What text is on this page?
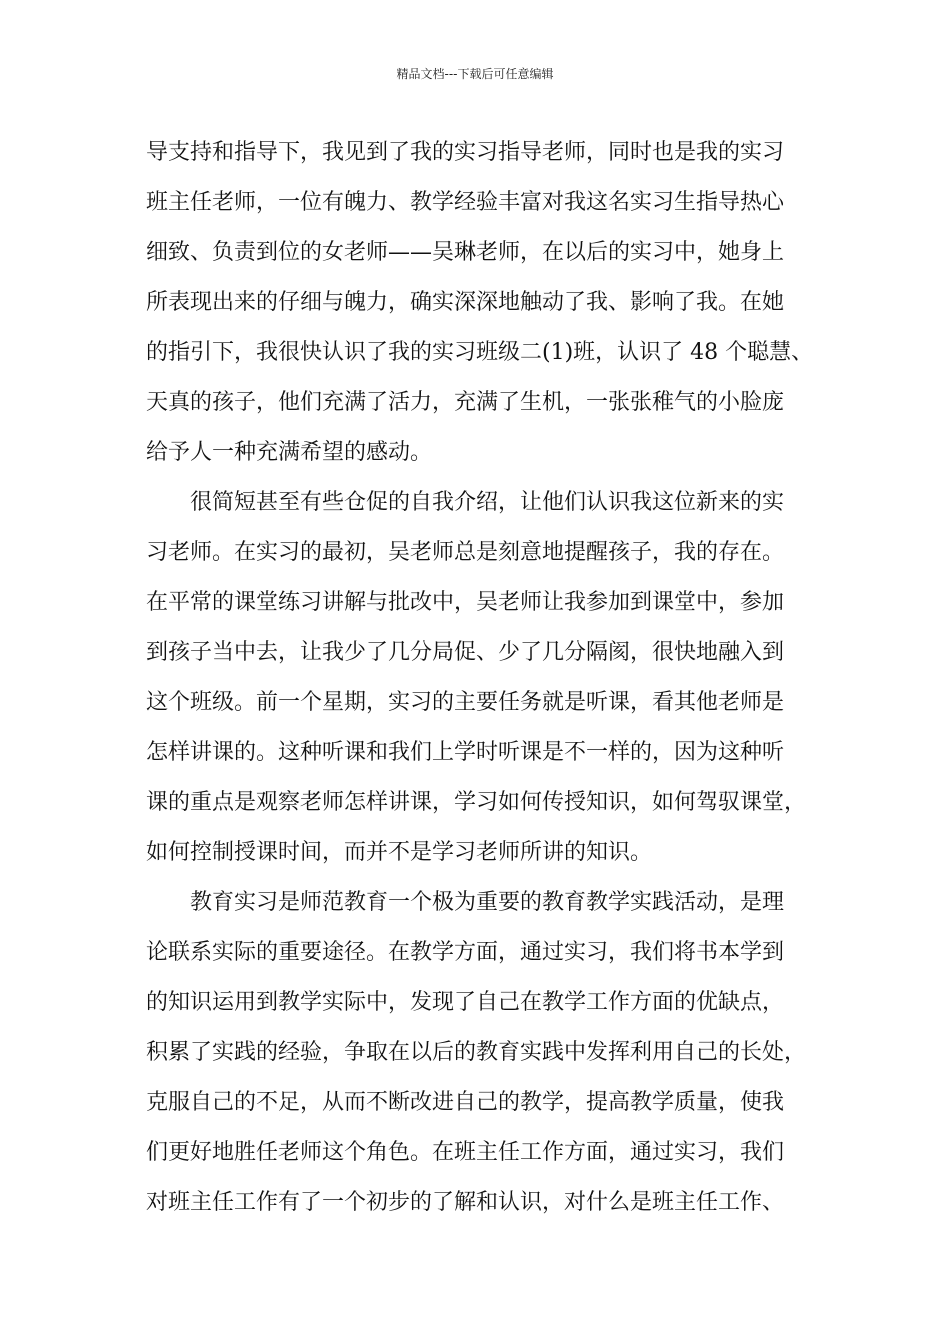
精品文档---下载后可任意编辑
导支持和指导下，我见到了我的实习指导老师，同时也是我的实习
班主任老师，一位有魄力、教学经验丰富对我这名实习生指导热心
细致、负责到位的女老师——吴琳老师，在以后的实习中，她身上
所表现出来的仔细与魄力，确实深深地触动了我、影响了我。在她
的指引下，我很快认识了我的实习班级二(1)班，认识了 48 个聪慧、
天真的孩子，他们充满了活力，充满了生机，一张张稚气的小脸庞
给予人一种充满希望的感动。
　　很简短甚至有些仓促的自我介绍，让他们认识我这位新来的实
习老师。在实习的最初，吴老师总是刻意地提醒孩子，我的存在。
在平常的课堂练习讲解与批改中，吴老师让我参加到课堂中，参加
到孩子当中去，让我少了几分局促、少了几分隔阂，很快地融入到
这个班级。前一个星期，实习的主要任务就是听课，看其他老师是
怎样讲课的。这种听课和我们上学时听课是不一样的，因为这种听
课的重点是观察老师怎样讲课，学习如何传授知识，如何驾驭课堂，
如何控制授课时间，而并不是学习老师所讲的知识。
　　教育实习是师范教育一个极为重要的教育教学实践活动，是理
论联系实际的重要途径。在教学方面，通过实习，我们将书本学到
的知识运用到教学实际中，发现了自己在教学工作方面的优缺点，
积累了实践的经验，争取在以后的教育实践中发挥利用自己的长处，
克服自己的不足，从而不断改进自己的教学，提高教学质量，使我
们更好地胜任老师这个角色。在班主任工作方面，通过实习，我们
对班主任工作有了一个初步的了解和认识，对什么是班主任工作、
